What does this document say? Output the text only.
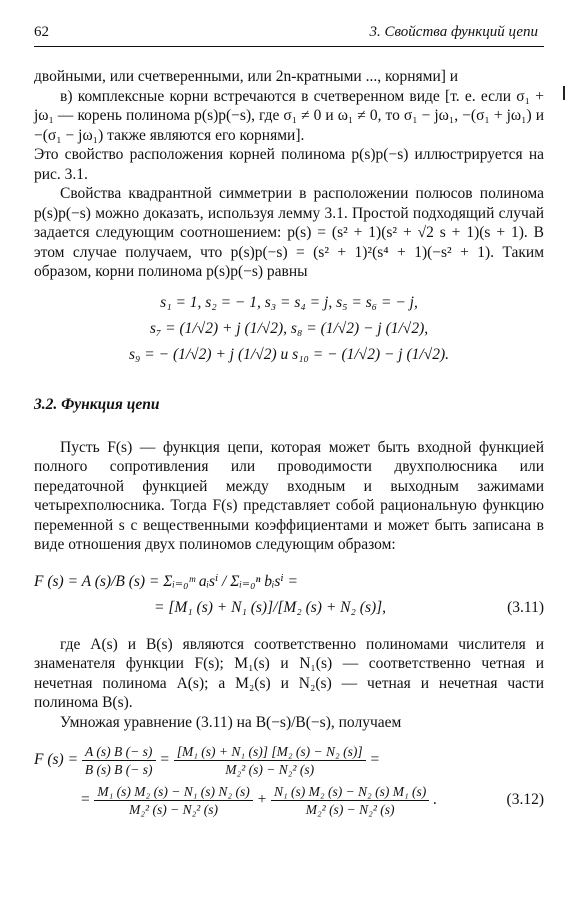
62	3. Свойства функций цепи

двойными, или счетверенными, или 2n-кратными ..., корнями] и

в) комплексные корни встречаются в счетверенном виде [т. е. если σ₁ + jω₁ — корень полинома p(s)p(−s), где σ₁ ≠ 0 и ω₁ ≠ 0, то σ₁ − jω₁, −(σ₁ + jω₁) и −(σ₁ − jω₁) также являются его корнями].

Это свойство расположения корней полинома p(s)p(−s) иллюстрируется на рис. 3.1.

Свойства квадрантной симметрии в расположении полюсов полинома p(s)p(−s) можно доказать, используя лемму 3.1. Простой подходящий случай задается следующим соотношением: p(s) = (s² + 1)(s² + √2 s + 1)(s + 1). В этом случае получаем, что p(s)p(−s) = (s² + 1)²(s⁴ + 1)(−s² + 1). Таким образом, корни полинома p(s)p(−s) равны

s₁ = 1, s₂ = − 1, s₃ = s₄ = j, s₅ = s₆ = − j,
s₇ = (1/√2) + j (1/√2), s₈ = (1/√2) − j (1/√2),
s₉ = − (1/√2) + j (1/√2) и s₁₀ = − (1/√2) − j (1/√2).
3.2. Функция цепи

Пусть F(s) — функция цепи, которая может быть входной функцией полного сопротивления или проводимости двухполюсника или передаточной функцией между входным и выходным зажимами четырехполюсника. Тогда F(s) представляет собой рациональную функцию переменной s с вещественными коэффициентами и может быть записана в виде отношения двух полиномов следующим образом:

F (s) = A (s)/B (s) = Σᵢ₌₀ᵐ aᵢsⁱ / Σᵢ₌₀ⁿ bᵢsⁱ =
= [M₁ (s) + N₁ (s)]/[M₂ (s) + N₂ (s)],	(3.11)

где A(s) и B(s) являются соответственно полиномами числителя и знаменателя функции F(s); M₁(s) и N₁(s) — соответственно четная и нечетная полинома A(s); а M₂(s) и N₂(s) — четная и нечетная части полинома B(s).

Умножая уравнение (3.11) на B(−s)/B(−s), получаем

F $(s) = \frac{A (s) B (- s)}{B (s) B (- s)} = \frac{\text{[M₁ (s) + N₁ (s)] [M₂ (s) − N₂ (s)]}}{\text{M₂² (s) − N₂² (s)}}$ =
= $\frac{\text{M₁ (s) M₂ (s) − N₁ (s) N₂ (s)}}{\text{M₂² (s) − N₂² (s)}} + \frac{\text{N₁ (s) M₂ (s) − N₂ (s) M₁ (s)}}{\text{M₂² (s) − N₂² (s)}}$ .	(3.12)
